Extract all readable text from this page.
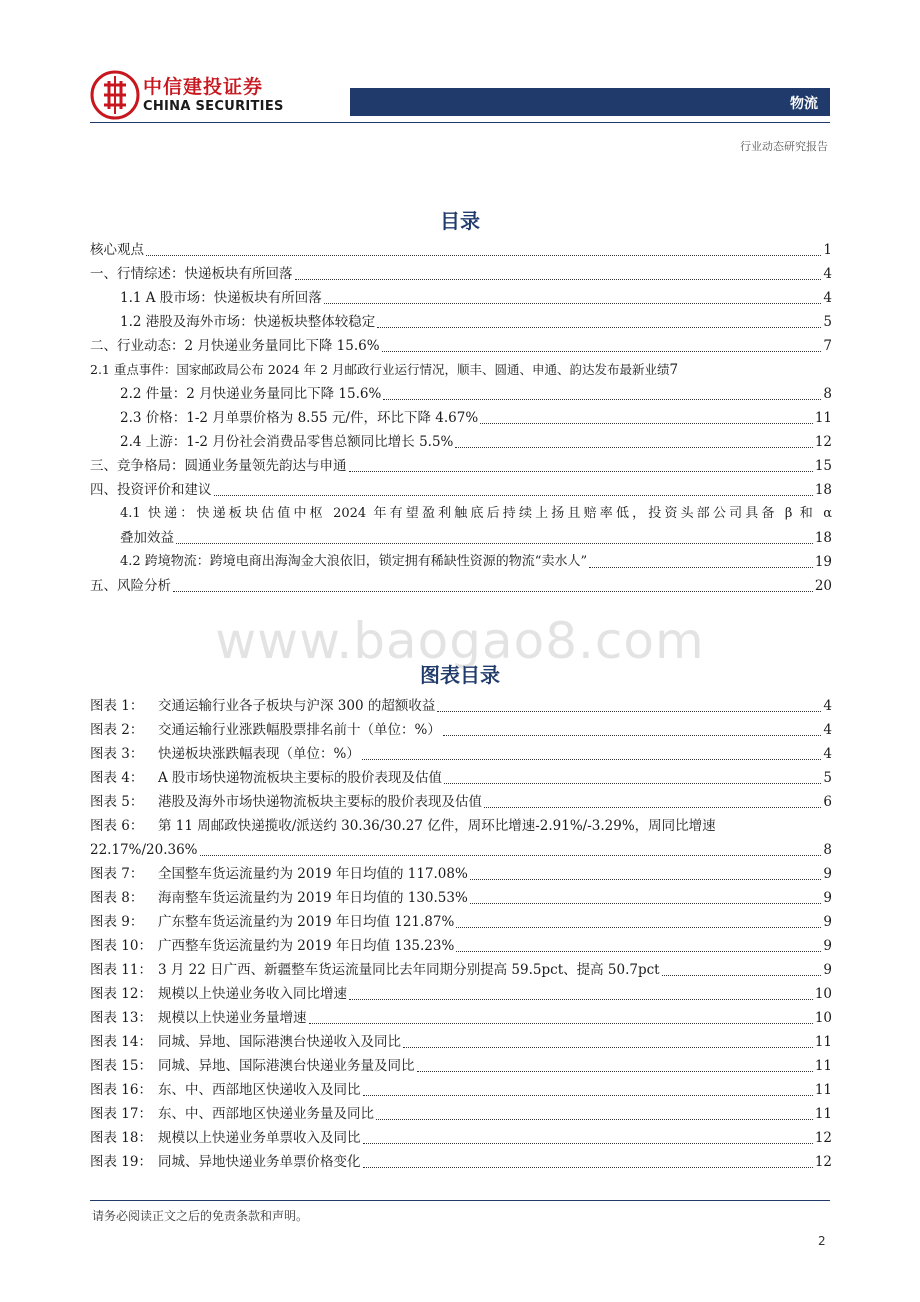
中信建投证券
CHINA SECURITIES	物流
行业动态研究报告
目录
核心观点	1
一、行情综述：快递板块有所回落	4
1.1 A 股市场：快递板块有所回落	4
1.2 港股及海外市场：快递板块整体较稳定	5
二、行业动态：2 月快递业务量同比下降 15.6%	7
2.1 重点事件：国家邮政局公布 2024 年 2 月邮政行业运行情况，顺丰、圆通、申通、韵达发布最新业绩 7
2.2 件量：2 月快递业务量同比下降 15.6%	8
2.3 价格：1-2 月单票价格为 8.55 元/件，环比下降 4.67%	11
2.4 上游：1-2 月份社会消费品零售总额同比增长 5.5%	12
三、竞争格局：圆通业务量领先韵达与申通	15
四、投资评价和建议	18
4.1 快递：快递板块估值中枢 2024 年有望盈利触底后持续上扬且赔率低，投资头部公司具备 β 和 α
叠加效益	18
4.2 跨境物流：跨境电商出海淘金大浪依旧，锁定拥有稀缺性资源的物流“卖水人”	19
五、风险分析	20
www.baogao8.com
图表目录
图表 1：	交通运输行业各子板块与沪深 300 的超额收益	4
图表 2：	交通运输行业涨跌幅股票排名前十（单位：%）	4
图表 3：	快递板块涨跌幅表现（单位：%）	4
图表 4：	A 股市场快递物流板块主要标的股价表现及估值	5
图表 5：	港股及海外市场快递物流板块主要标的股价表现及估值	6
图表 6： 第 11 周邮政快递揽收/派送约 30.36/30.27 亿件，周环比增速-2.91%/-3.29%，周同比增速
22.17%/20.36%	8
图表 7：	全国整车货运流量约为 2019 年日均值的 117.08%	9
图表 8：	海南整车货运流量约为 2019 年日均值的 130.53%	9
图表 9：	广东整车货运流量约为 2019 年日均值 121.87%	9
图表 10： 广西整车货运流量约为 2019 年日均值 135.23%	9
图表 11： 3 月 22 日广西、新疆整车货运流量同比去年同期分别提高 59.5pct、提高 50.7pct	9
图表 12： 规模以上快递业务收入同比增速	10
图表 13： 规模以上快递业务量增速	10
图表 14： 同城、异地、国际港澳台快递收入及同比	11
图表 15： 同城、异地、国际港澳台快递业务量及同比	11
图表 16： 东、中、西部地区快递收入及同比	11
图表 17： 东、中、西部地区快递业务量及同比	11
图表 18： 规模以上快递业务单票收入及同比	12
图表 19： 同城、异地快递业务单票价格变化	12
请务必阅读正文之后的免责条款和声明。
2
